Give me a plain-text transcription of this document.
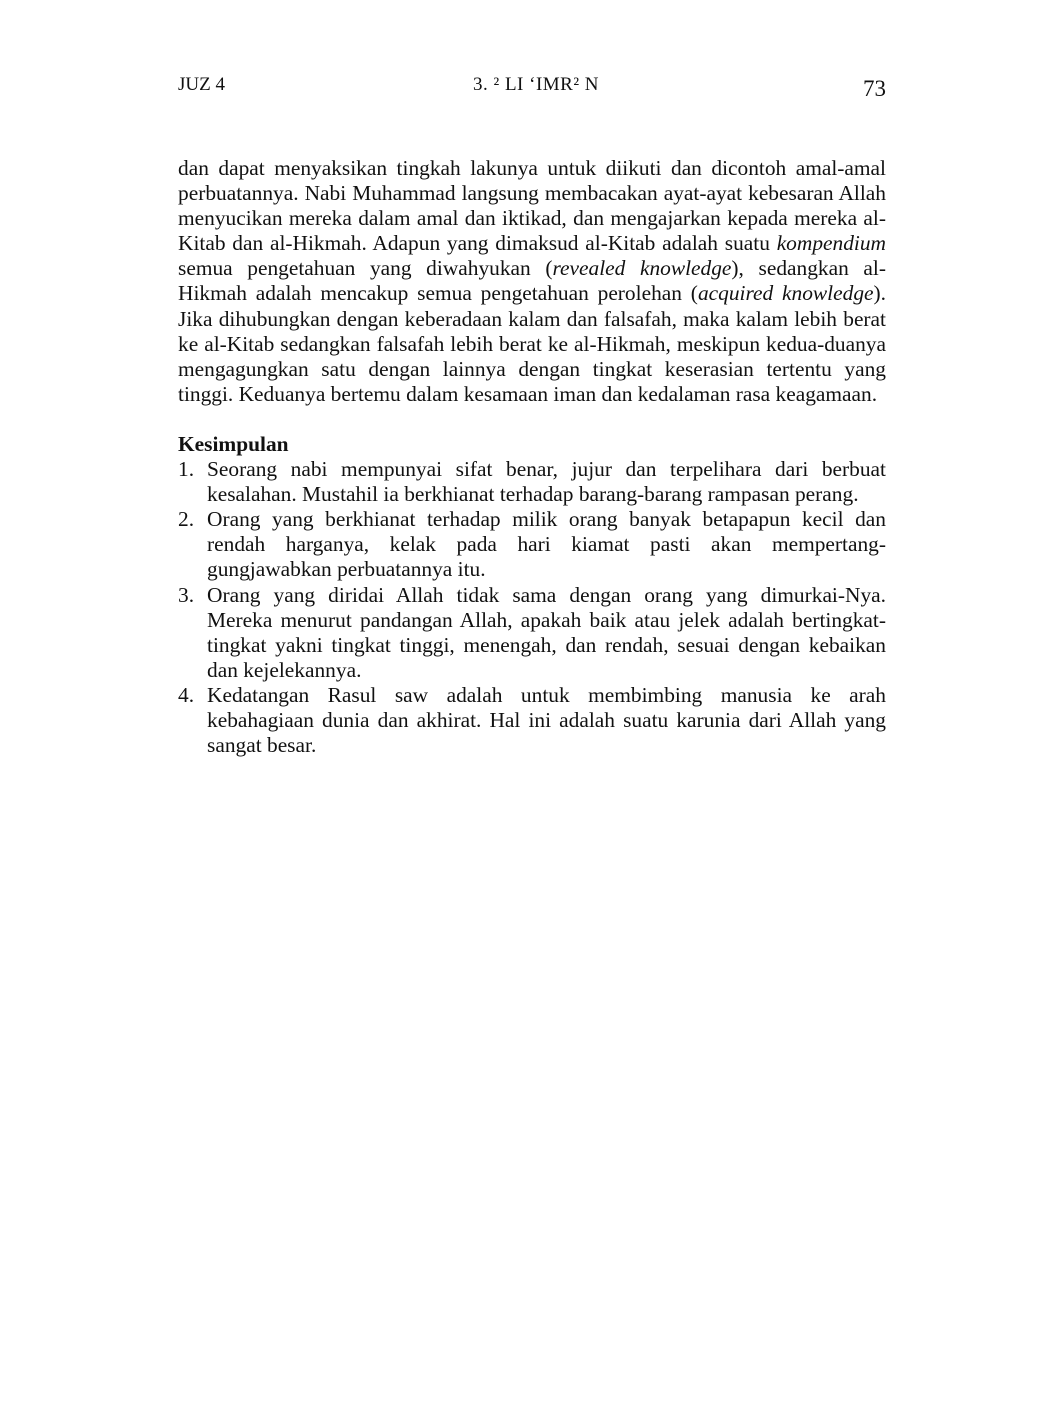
JUZ 4	3. ² LI ‘IMR² N	73

dan dapat menyaksikan tingkah lakunya untuk diikuti dan dicontoh amal-amal perbuatannya. Nabi Muhammad langsung membacakan ayat-ayat kebesaran Allah menyucikan mereka dalam amal dan iktikad, dan mengajarkan kepada mereka al-Kitab dan al-Hikmah. Adapun yang dimaksud al-Kitab adalah suatu kompendium semua pengetahuan yang diwahyukan (revealed knowledge), sedangkan al-Hikmah adalah mencakup semua pengetahuan perolehan (acquired knowledge). Jika dihubungkan dengan keberadaan kalam dan falsafah, maka kalam lebih berat ke al-Kitab sedangkan falsafah lebih berat ke al-Hikmah, meskipun kedua-duanya mengagungkan satu dengan lainnya dengan tingkat keserasian tertentu yang tinggi. Keduanya bertemu dalam kesamaan iman dan kedalaman rasa keagamaan.

Kesimpulan
1. Seorang nabi mempunyai sifat benar, jujur dan terpelihara dari berbuat kesalahan. Mustahil ia berkhianat terhadap barang-barang rampasan perang.
2. Orang yang berkhianat terhadap milik orang banyak betapapun kecil dan rendah harganya, kelak pada hari kiamat pasti akan mempertang-gungjawabkan perbuatannya itu.
3. Orang yang diridai Allah tidak sama dengan orang yang dimurkai-Nya. Mereka menurut pandangan Allah, apakah baik atau jelek adalah bertingkat-tingkat yakni tingkat tinggi, menengah, dan rendah, sesuai dengan kebaikan dan kejelekannya.
4. Kedatangan Rasul saw adalah untuk membimbing manusia ke arah kebahagiaan dunia dan akhirat. Hal ini adalah suatu karunia dari Allah yang sangat besar.
